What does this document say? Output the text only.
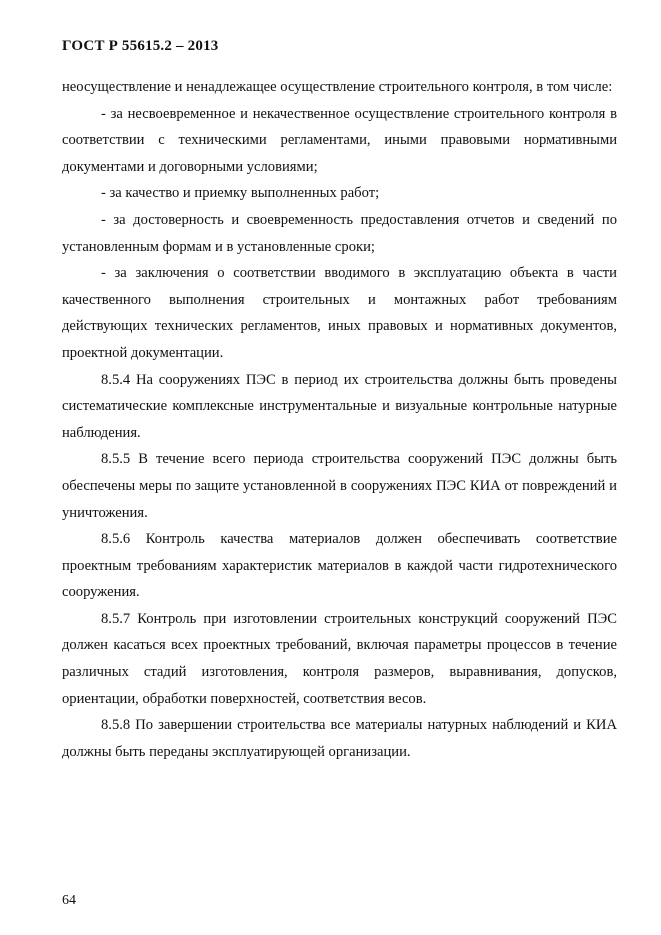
ГОСТ Р 55615.2 – 2013

неосуществление и ненадлежащее осуществление строительного контроля, в том числе:

- за несвоевременное и некачественное осуществление строительного контроля в соответствии с техническими регламентами, иными правовыми нормативными документами и договорными условиями;

- за качество и приемку выполненных работ;

- за достоверность и своевременность предоставления отчетов и сведений по установленным формам и в установленные сроки;

- за заключения о соответствии вводимого в эксплуатацию объекта в части качественного выполнения строительных и монтажных работ требованиям действующих технических регламентов, иных правовых и нормативных документов, проектной документации.

8.5.4 На сооружениях ПЭС в период их строительства должны быть проведены систематические комплексные инструментальные и визуальные контрольные натурные наблюдения.

8.5.5 В течение всего периода строительства сооружений ПЭС должны быть обеспечены меры по защите установленной в сооружениях ПЭС КИА от повреждений и уничтожения.

8.5.6 Контроль качества материалов должен обеспечивать соответствие проектным требованиям характеристик материалов в каждой части гидротехнического сооружения.

8.5.7 Контроль при изготовлении строительных конструкций сооружений ПЭС должен касаться всех проектных требований, включая параметры процессов в течение различных стадий изготовления, контроля размеров, выравнивания, допусков, ориентации, обработки поверхностей, соответствия весов.

8.5.8 По завершении строительства все материалы натурных наблюдений и КИА должны быть переданы эксплуатирующей организации.

64
